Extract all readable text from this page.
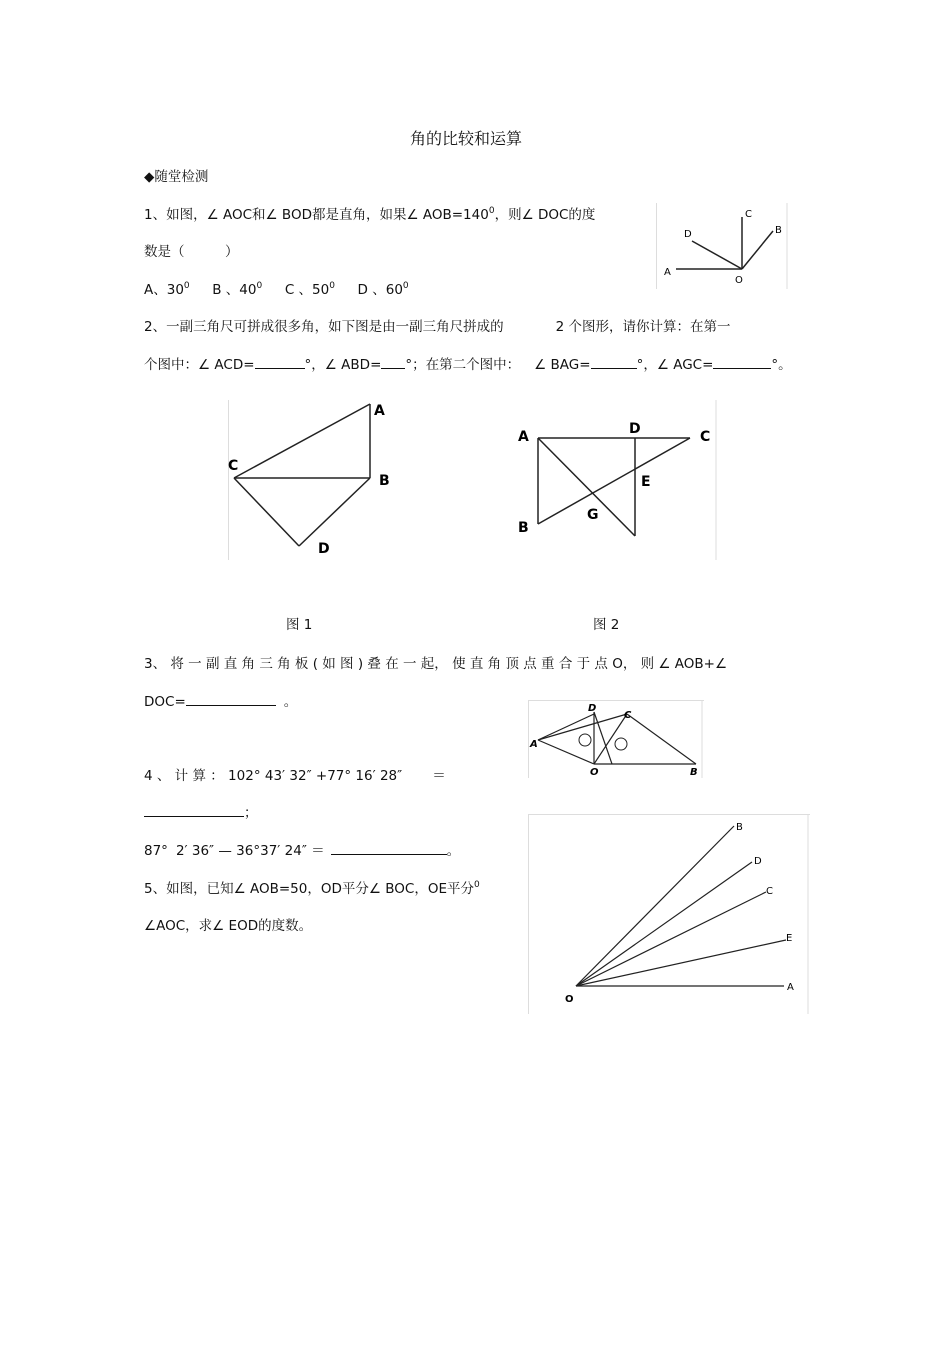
角的比较和运算
◆随堂检测
1、如图，∠ AOC和∠ BOD都是直角，如果∠ $AOB=140^0$，则∠ DOC的度
数是（　　　）
A、$30^0$ B 、$40^0$ C 、$50^0$ D 、$60^0$
A
O
D
C
B
2、一副三角尺可拼成很多角，如下图是由一副三角尺拼成的	2 个图形，请你计算：在第一
个图中：∠ ACD=	°，∠ ABD= °；在第二个图中： ∠ BAG=	°，∠ AGC=	°。
A
B
C
D
A
B
C
D
E
G
图 1	图 2
3、 将 一 副 直 角 三 角 板 ( 如 图 ) 叠 在 一 起， 使 直 角 顶 点 重 合 于 点 O， 则 ∠ AOB+∠
DOC=	。
A
D
C
O	B
4 、 计 算 ： 102° 43′ 32″ +77° 16′ 28″ ＝
；
87° 2′ 36″ — 36°37′ 24″ ＝	。
5、如图，已知∠ AOB=50，OD平分∠ BOC，OE平分$^0$
∠AOC，求∠ EOD的度数。
O
A
E
C
D
B
